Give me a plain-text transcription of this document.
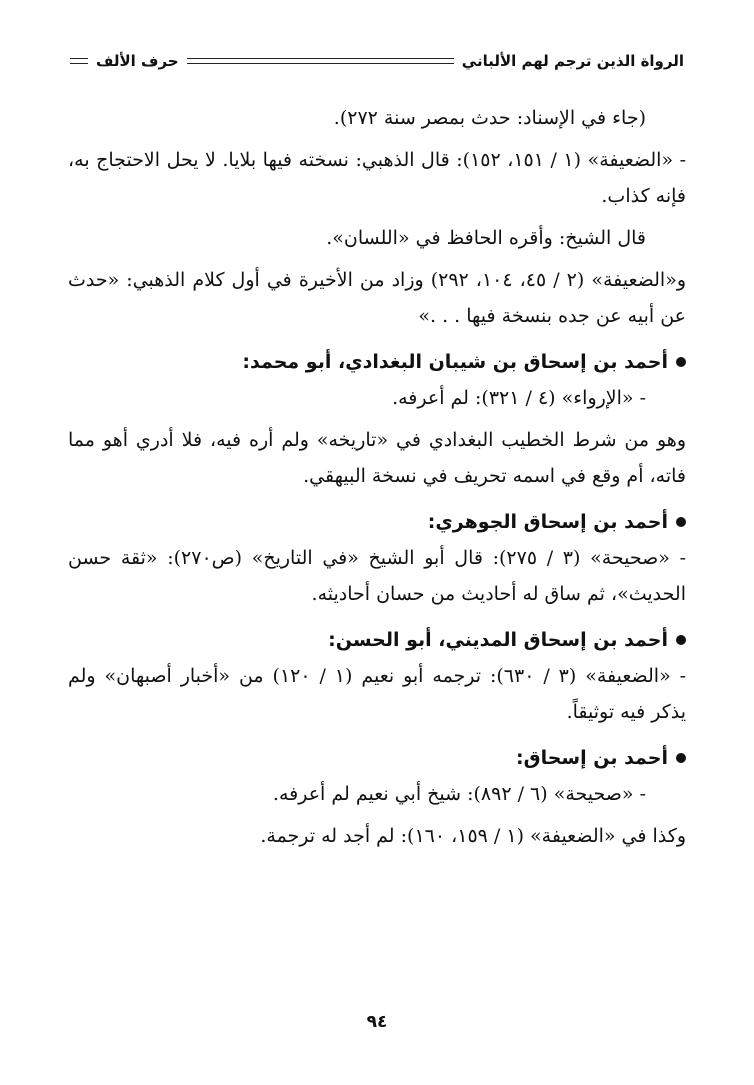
الرواة الذين ترجم لهم الألباني
حرف الألف

(جاء في الإسناد: حدث بمصر سنة ٢٧٢).

- «الضعيفة» (١ / ١٥١، ١٥٢): قال الذهبي: نسخته فيها بلايا. لا يحل الاحتجاج به، فإنه كذاب.

قال الشيخ: وأقره الحافظ في «اللسان».

و«الضعيفة» (٢ / ٤٥، ١٠٤، ٢٩٢) وزاد من الأخيرة في أول كلام الذهبي: «حدث عن أبيه عن جده بنسخة فيها . . .»

أحمد بن إسحاق بن شيبان البغدادي، أبو محمد:

- «الإرواء» (٤ / ٣٢١): لم أعرفه.

وهو من شرط الخطيب البغدادي في «تاريخه» ولم أره فيه، فلا أدري أهو مما فاته، أم وقع في اسمه تحريف في نسخة البيهقي.

أحمد بن إسحاق الجوهري:

- «صحيحة» (٣ / ٢٧٥): قال أبو الشيخ «في التاريخ» (ص٢٧٠): «ثقة حسن الحديث»، ثم ساق له أحاديث من حسان أحاديثه.

أحمد بن إسحاق المديني، أبو الحسن:

- «الضعيفة» (٣ / ٦٣٠): ترجمه أبو نعيم (١ / ١٢٠) من «أخبار أصبهان» ولم يذكر فيه توثيقاً.

أحمد بن إسحاق:

- «صحيحة» (٦ / ٨٩٢): شيخ أبي نعيم لم أعرفه.

وكذا في «الضعيفة» (١ / ١٥٩، ١٦٠): لم أجد له ترجمة.

٩٤
